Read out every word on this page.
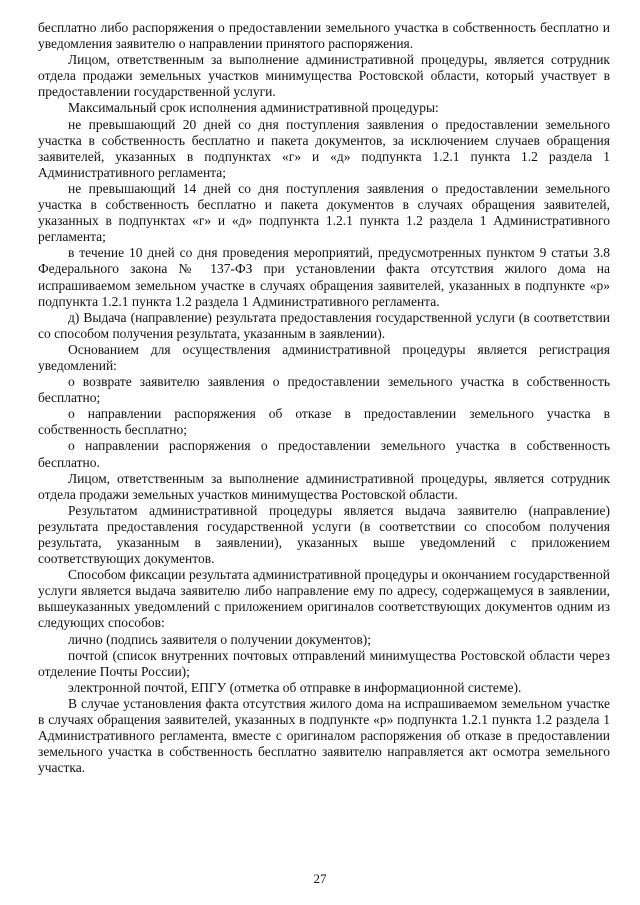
бесплатно либо распоряжения о предоставлении земельного участка в собственность бесплатно и уведомления заявителю о направлении принятого распоряжения.

Лицом, ответственным за выполнение административной процедуры, является сотрудник отдела продажи земельных участков минимущества Ростовской области, который участвует в предоставлении государственной услуги.

Максимальный срок исполнения административной процедуры:

не превышающий 20 дней со дня поступления заявления о предоставлении земельного участка в собственность бесплатно и пакета документов, за исключением случаев обращения заявителей, указанных в подпунктах «г» и «д» подпункта 1.2.1 пункта 1.2 раздела 1 Административного регламента;

не превышающий 14 дней со дня поступления заявления о предоставлении земельного участка в собственность бесплатно и пакета документов в случаях обращения заявителей, указанных в подпунктах «г» и «д» подпункта 1.2.1 пункта 1.2 раздела 1 Административного регламента;

в течение 10 дней со дня проведения мероприятий, предусмотренных пунктом 9 статьи 3.8 Федерального закона № 137-ФЗ при установлении факта отсутствия жилого дома на испрашиваемом земельном участке в случаях обращения заявителей, указанных в подпункте «р» подпункта 1.2.1 пункта 1.2 раздела 1 Административного регламента.

д) Выдача (направление) результата предоставления государственной услуги (в соответствии со способом получения результата, указанным в заявлении).

Основанием для осуществления административной процедуры является регистрация уведомлений:

о возврате заявителю заявления о предоставлении земельного участка в собственность бесплатно;

о направлении распоряжения об отказе в предоставлении земельного участка в собственность бесплатно;

о направлении распоряжения о предоставлении земельного участка в собственность бесплатно.

Лицом, ответственным за выполнение административной процедуры, является сотрудник отдела продажи земельных участков минимущества Ростовской области.

Результатом административной процедуры является выдача заявителю (направление) результата предоставления государственной услуги (в соответствии со способом получения результата, указанным в заявлении), указанных выше уведомлений с приложением соответствующих документов.

Способом фиксации результата административной процедуры и окончанием государственной услуги является выдача заявителю либо направление ему по адресу, содержащемуся в заявлении, вышеуказанных уведомлений с приложением оригиналов соответствующих документов одним из следующих способов:

лично (подпись заявителя о получении документов);

почтой (список внутренних почтовых отправлений минимущества Ростовской области через отделение Почты России);

электронной почтой, ЕПГУ (отметка об отправке в информационной системе).

В случае установления факта отсутствия жилого дома на испрашиваемом земельном участке в случаях обращения заявителей, указанных в подпункте «р» подпункта 1.2.1 пункта 1.2 раздела 1 Административного регламента, вместе с оригиналом распоряжения об отказе в предоставлении земельного участка в собственность бесплатно заявителю направляется акт осмотра земельного участка.

27
